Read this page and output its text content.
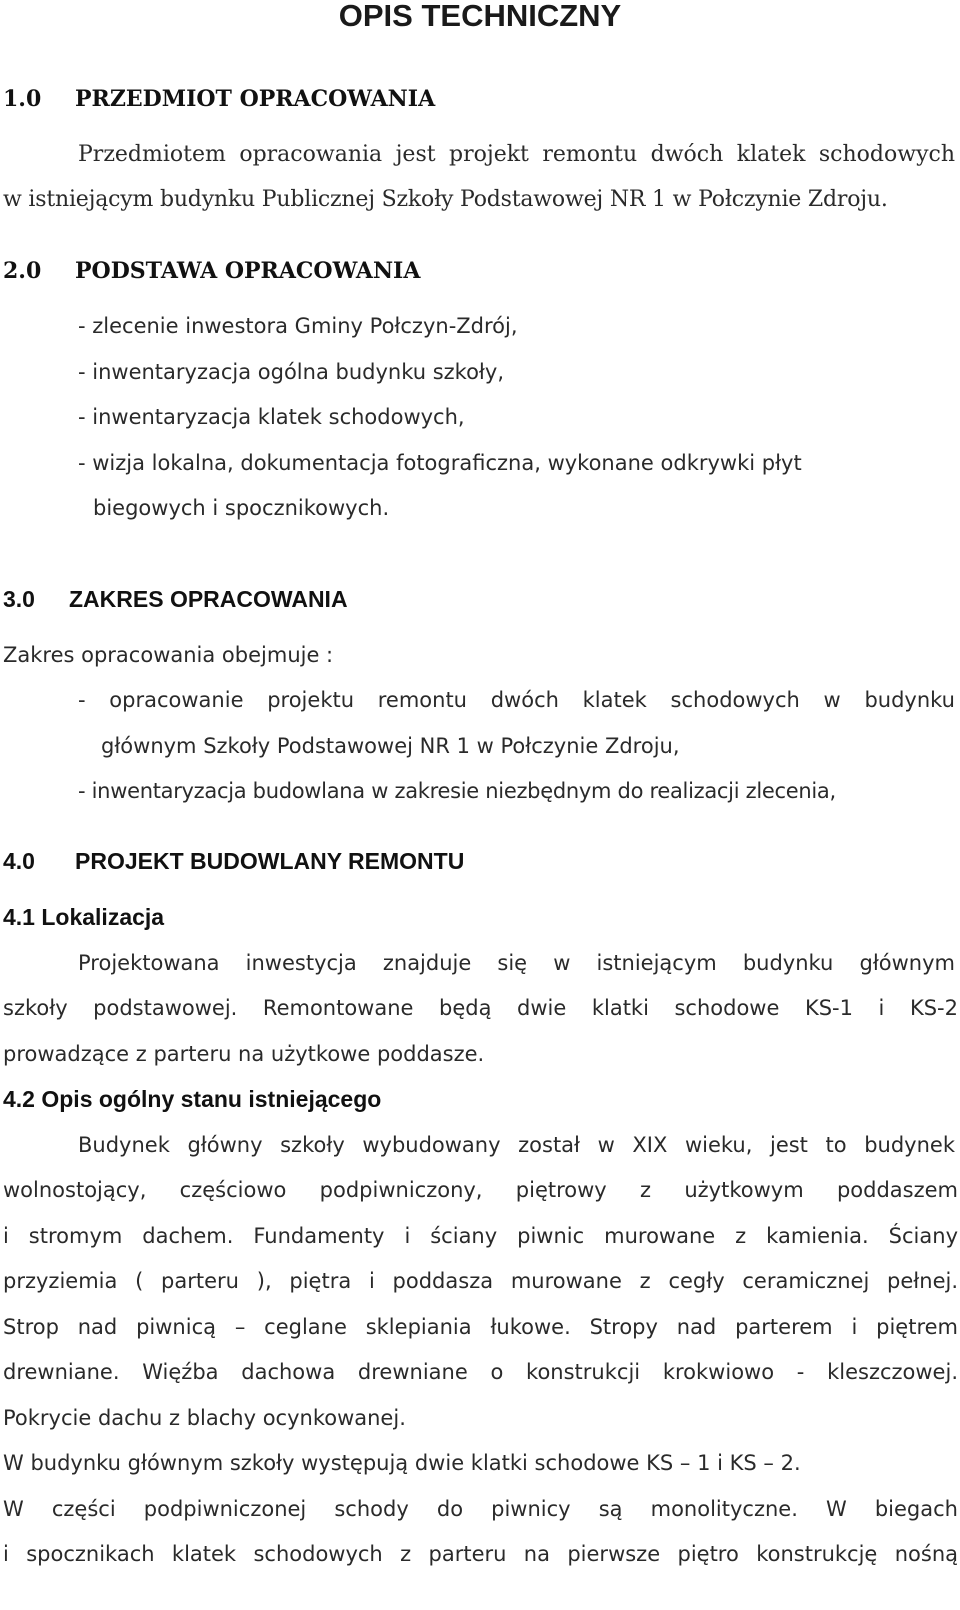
OPIS TECHNICZNY
1.0 PRZEDMIOT OPRACOWANIA
Przedmiotem opracowania jest projekt remontu dwóch klatek schodowych
w istniejącym budynku Publicznej Szkoły Podstawowej NR 1 w Połczynie Zdroju.
2.0 PODSTAWA OPRACOWANIA
- zlecenie inwestora Gminy Połczyn-Zdrój,
- inwentaryzacja ogólna budynku szkoły,
- inwentaryzacja klatek schodowych,
- wizja lokalna, dokumentacja fotograficzna, wykonane odkrywki płyt
biegowych i spocznikowych.
3.0 ZAKRES OPRACOWANIA
Zakres opracowania obejmuje :
- opracowanie projektu remontu dwóch klatek schodowych w budynku
głównym Szkoły Podstawowej NR 1 w Połczynie Zdroju,
- inwentaryzacja budowlana w zakresie niezbędnym do realizacji zlecenia,
4.0 PROJEKT BUDOWLANY REMONTU
4.1 Lokalizacja
Projektowana inwestycja znajduje się w istniejącym budynku głównym
szkoły podstawowej. Remontowane będą dwie klatki schodowe KS-1 i KS-2
prowadzące z parteru na użytkowe poddasze.
4.2 Opis ogólny stanu istniejącego
Budynek główny szkoły wybudowany został w XIX wieku, jest to budynek
wolnostojący, częściowo podpiwniczony, piętrowy z użytkowym poddaszem
i stromym dachem. Fundamenty i ściany piwnic murowane z kamienia. Ściany
przyziemia ( parteru ), piętra i poddasza murowane z cegły ceramicznej pełnej.
Strop nad piwnicą – ceglane sklepiania łukowe. Stropy nad parterem i piętrem
drewniane. Więźba dachowa drewniane o konstrukcji krokwiowo - kleszczowej.
Pokrycie dachu z blachy ocynkowanej.
W budynku głównym szkoły występują dwie klatki schodowe KS – 1 i KS – 2.
W części podpiwniczonej schody do piwnicy są monolityczne. W biegach
i spocznikach klatek schodowych z parteru na pierwsze piętro konstrukcję nośną
